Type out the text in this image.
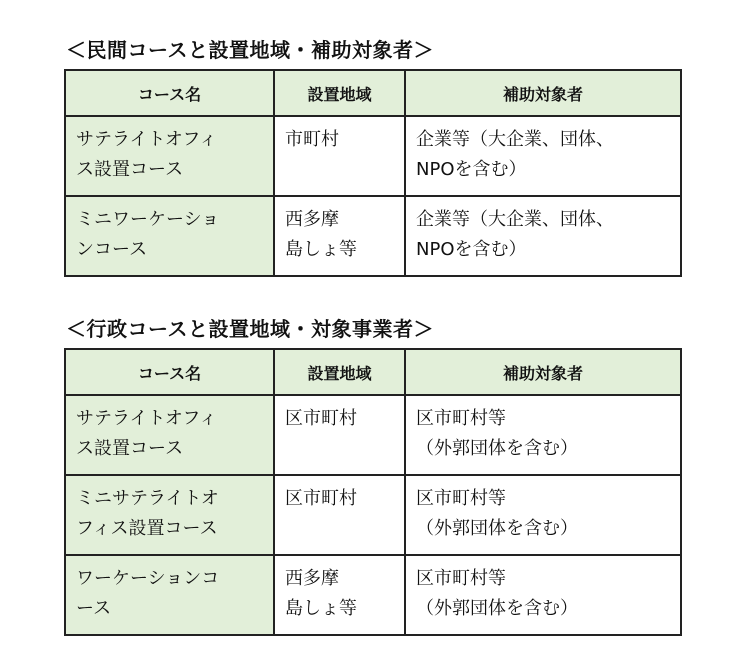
＜民間コースと設置地域・補助対象者＞
コース名	設置地域	補助対象者

サテライトオフィ
ス設置コース	市町村	企業等（大企業、団体、
NPOを含む）

ミニワーケーショ
ンコース	西多摩
島しょ等	企業等（大企業、団体、
NPOを含む）
＜行政コースと設置地域・対象事業者＞
コース名	設置地域	補助対象者

サテライトオフィ
ス設置コース	区市町村	区市町村等
（外郭団体を含む）

ミニサテライトオ
フィス設置コース	区市町村	区市町村等
（外郭団体を含む）

ワーケーションコ
ース	西多摩
島しょ等	区市町村等
（外郭団体を含む）
